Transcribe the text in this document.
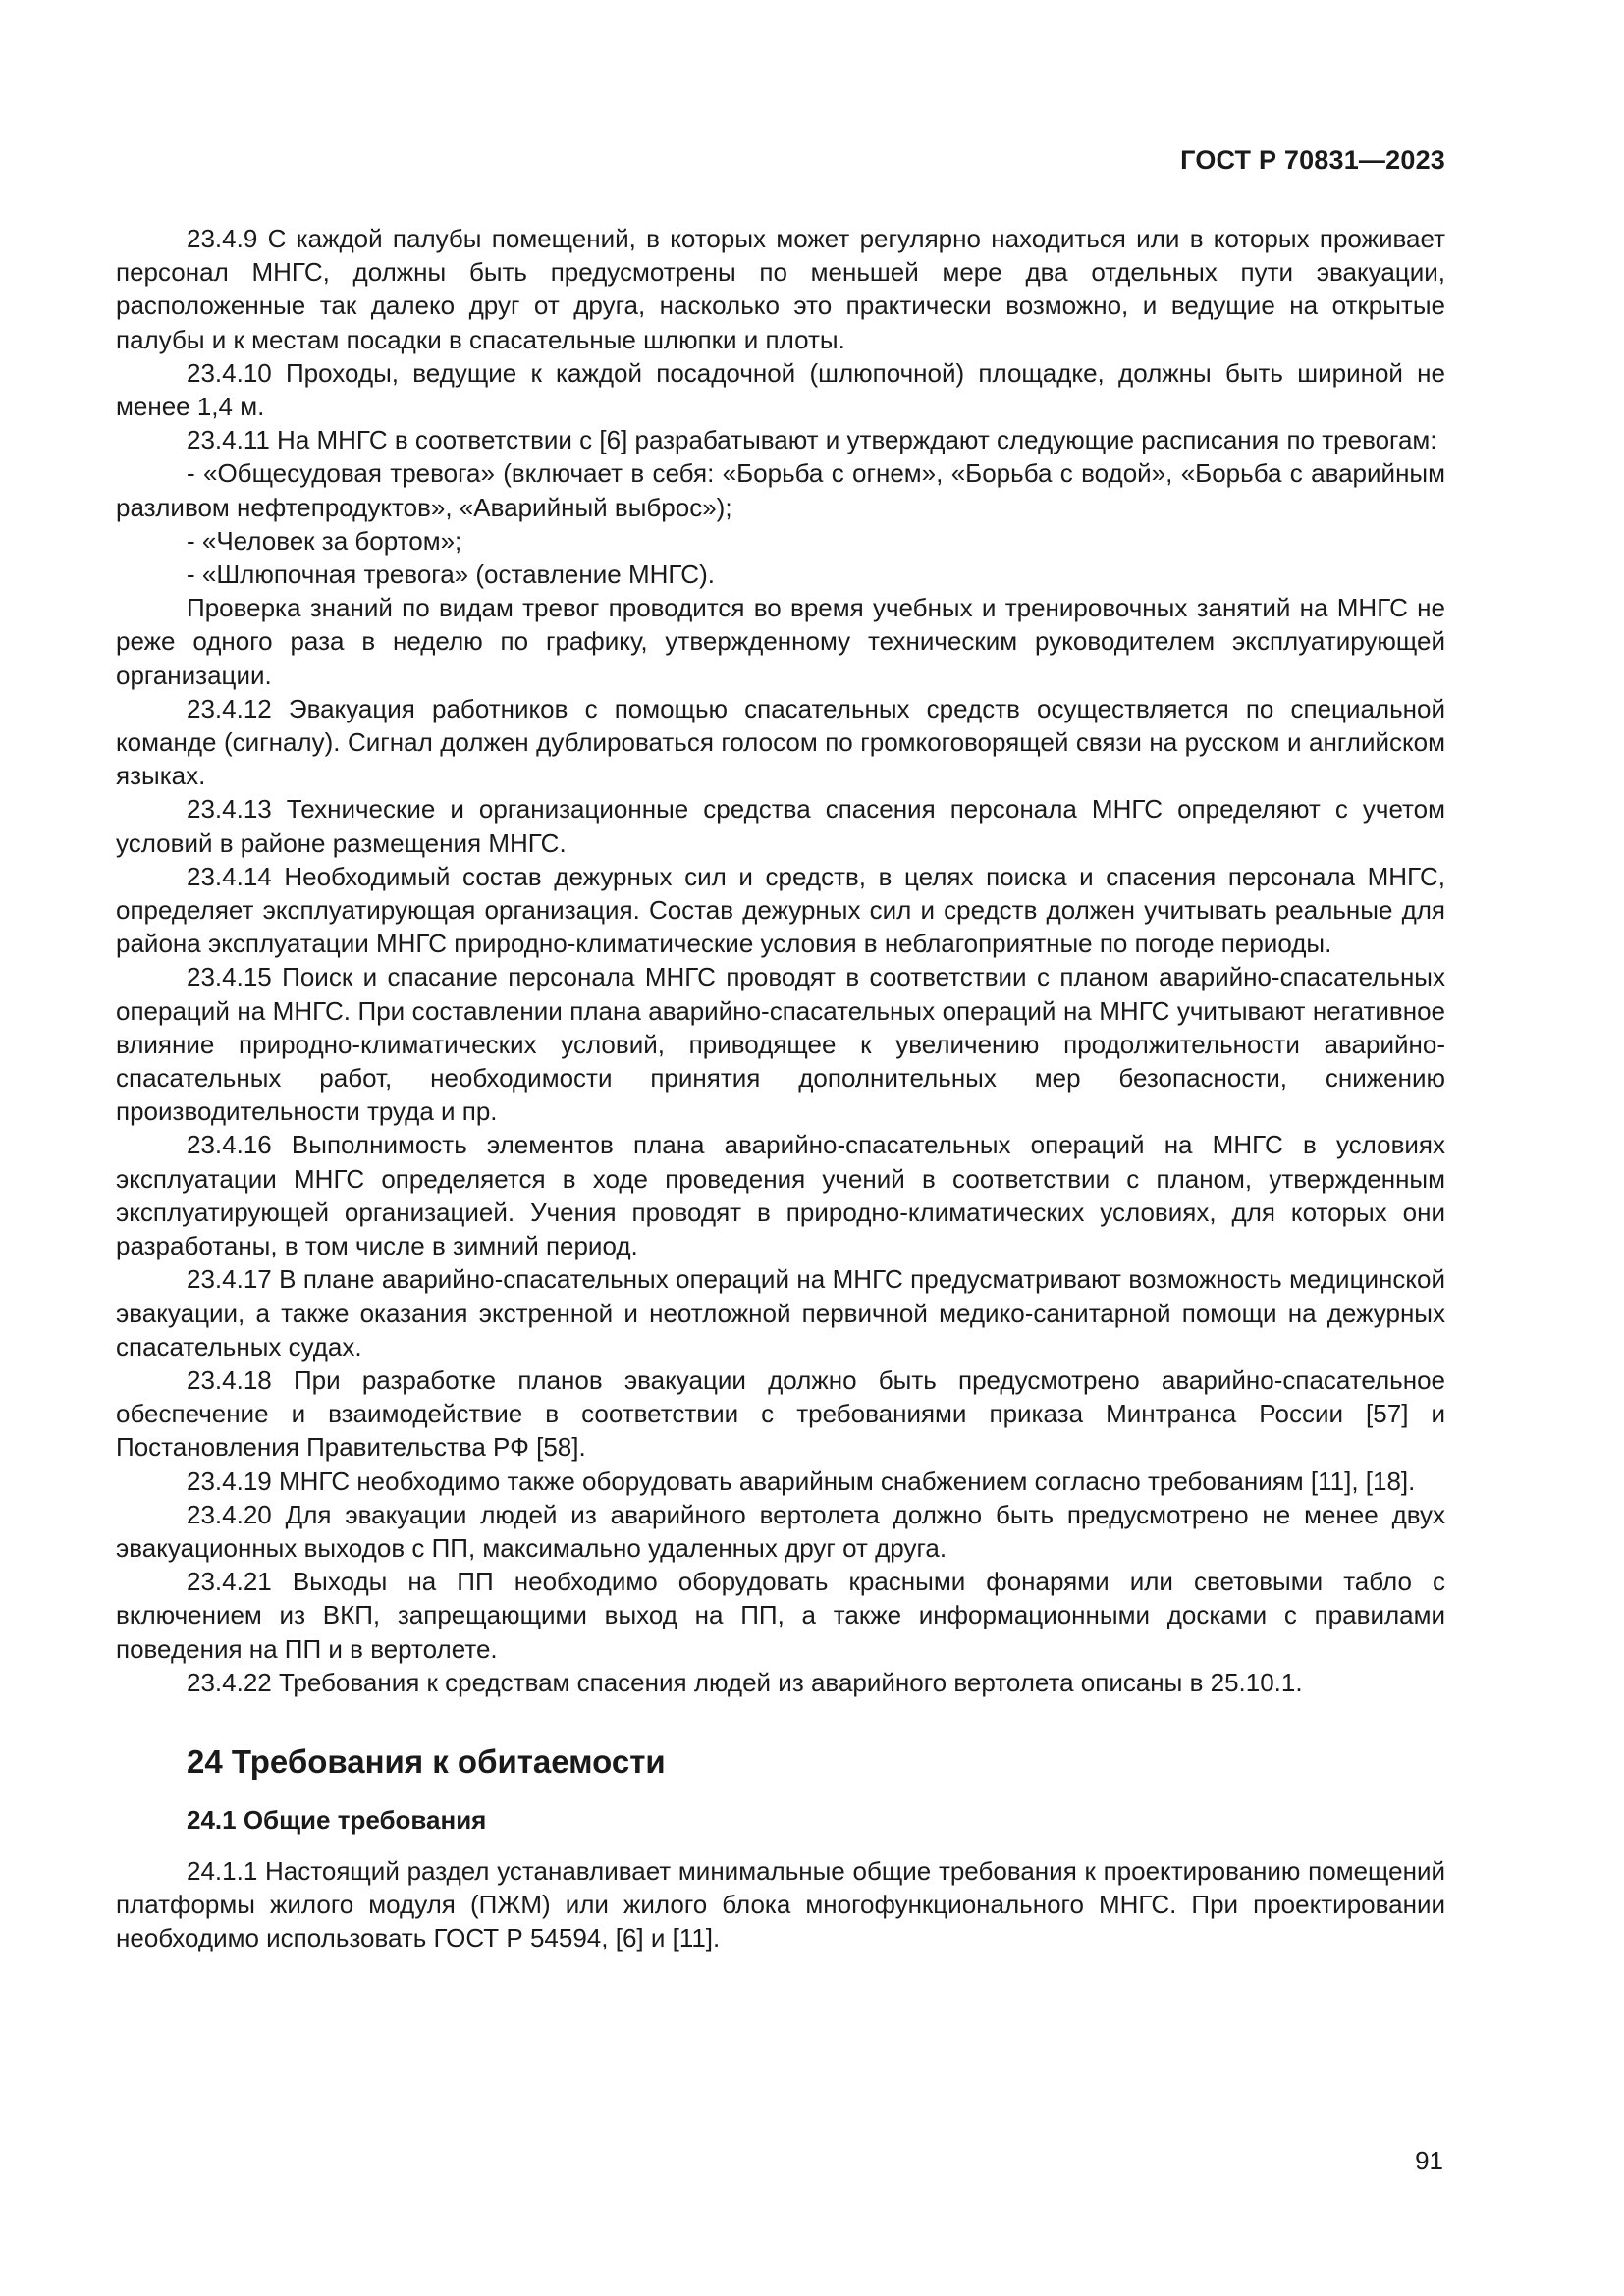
ГОСТ Р 70831—2023

23.4.9 С каждой палубы помещений, в которых может регулярно находиться или в которых проживает персонал МНГС, должны быть предусмотрены по меньшей мере два отдельных пути эвакуации, расположенные так далеко друг от друга, насколько это практически возможно, и ведущие на открытые палубы и к местам посадки в спасательные шлюпки и плоты.

23.4.10 Проходы, ведущие к каждой посадочной (шлюпочной) площадке, должны быть шириной не менее 1,4 м.

23.4.11 На МНГС в соответствии с [6] разрабатывают и утверждают следующие расписания по тревогам:

- «Общесудовая тревога» (включает в себя: «Борьба с огнем», «Борьба с водой», «Борьба с аварийным разливом нефтепродуктов», «Аварийный выброс»);

- «Человек за бортом»;

- «Шлюпочная тревога» (оставление МНГС).

Проверка знаний по видам тревог проводится во время учебных и тренировочных занятий на МНГС не реже одного раза в неделю по графику, утвержденному техническим руководителем эксплуатирующей организации.

23.4.12 Эвакуация работников с помощью спасательных средств осуществляется по специальной команде (сигналу). Сигнал должен дублироваться голосом по громкоговорящей связи на русском и английском языках.

23.4.13 Технические и организационные средства спасения персонала МНГС определяют с учетом условий в районе размещения МНГС.

23.4.14 Необходимый состав дежурных сил и средств, в целях поиска и спасения персонала МНГС, определяет эксплуатирующая организация. Состав дежурных сил и средств должен учитывать реальные для района эксплуатации МНГС природно-климатические условия в неблагоприятные по погоде периоды.

23.4.15 Поиск и спасание персонала МНГС проводят в соответствии с планом аварийно-спасательных операций на МНГС. При составлении плана аварийно-спасательных операций на МНГС учитывают негативное влияние природно-климатических условий, приводящее к увеличению продолжительности аварийно-спасательных работ, необходимости принятия дополнительных мер безопасности, снижению производительности труда и пр.

23.4.16 Выполнимость элементов плана аварийно-спасательных операций на МНГС в условиях эксплуатации МНГС определяется в ходе проведения учений в соответствии с планом, утвержденным эксплуатирующей организацией. Учения проводят в природно-климатических условиях, для которых они разработаны, в том числе в зимний период.

23.4.17 В плане аварийно-спасательных операций на МНГС предусматривают возможность медицинской эвакуации, а также оказания экстренной и неотложной первичной медико-санитарной помощи на дежурных спасательных судах.

23.4.18 При разработке планов эвакуации должно быть предусмотрено аварийно-спасательное обеспечение и взаимодействие в соответствии с требованиями приказа Минтранса России [57] и Постановления Правительства РФ [58].

23.4.19 МНГС необходимо также оборудовать аварийным снабжением согласно требованиям [11], [18].

23.4.20 Для эвакуации людей из аварийного вертолета должно быть предусмотрено не менее двух эвакуационных выходов с ПП, максимально удаленных друг от друга.

23.4.21 Выходы на ПП необходимо оборудовать красными фонарями или световыми табло с включением из ВКП, запрещающими выход на ПП, а также информационными досками с правилами поведения на ПП и в вертолете.

23.4.22 Требования к средствам спасения людей из аварийного вертолета описаны в 25.10.1.

24 Требования к обитаемости
24.1 Общие требования

24.1.1 Настоящий раздел устанавливает минимальные общие требования к проектированию помещений платформы жилого модуля (ПЖМ) или жилого блока многофункционального МНГС. При проектировании необходимо использовать ГОСТ Р 54594, [6] и [11].

91
